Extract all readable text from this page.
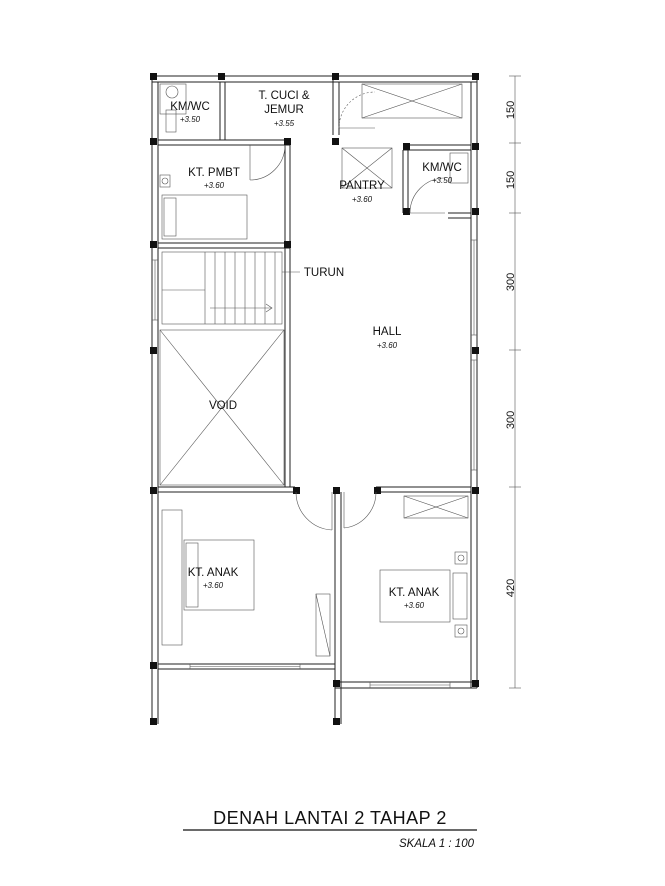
150
150
300
300
420
KM/WC
+3.50
T. CUCI &
JEMUR
+3.55
KT. PMBT
+3.60	PANTRY
+3.60
KM/WC
+3.50
TURUN
HALL
+3.60
VOID
KT. ANAK
+3.60
KT. ANAK
+3.60
DENAH LANTAI 2 TAHAP 2
SKALA 1 : 100
